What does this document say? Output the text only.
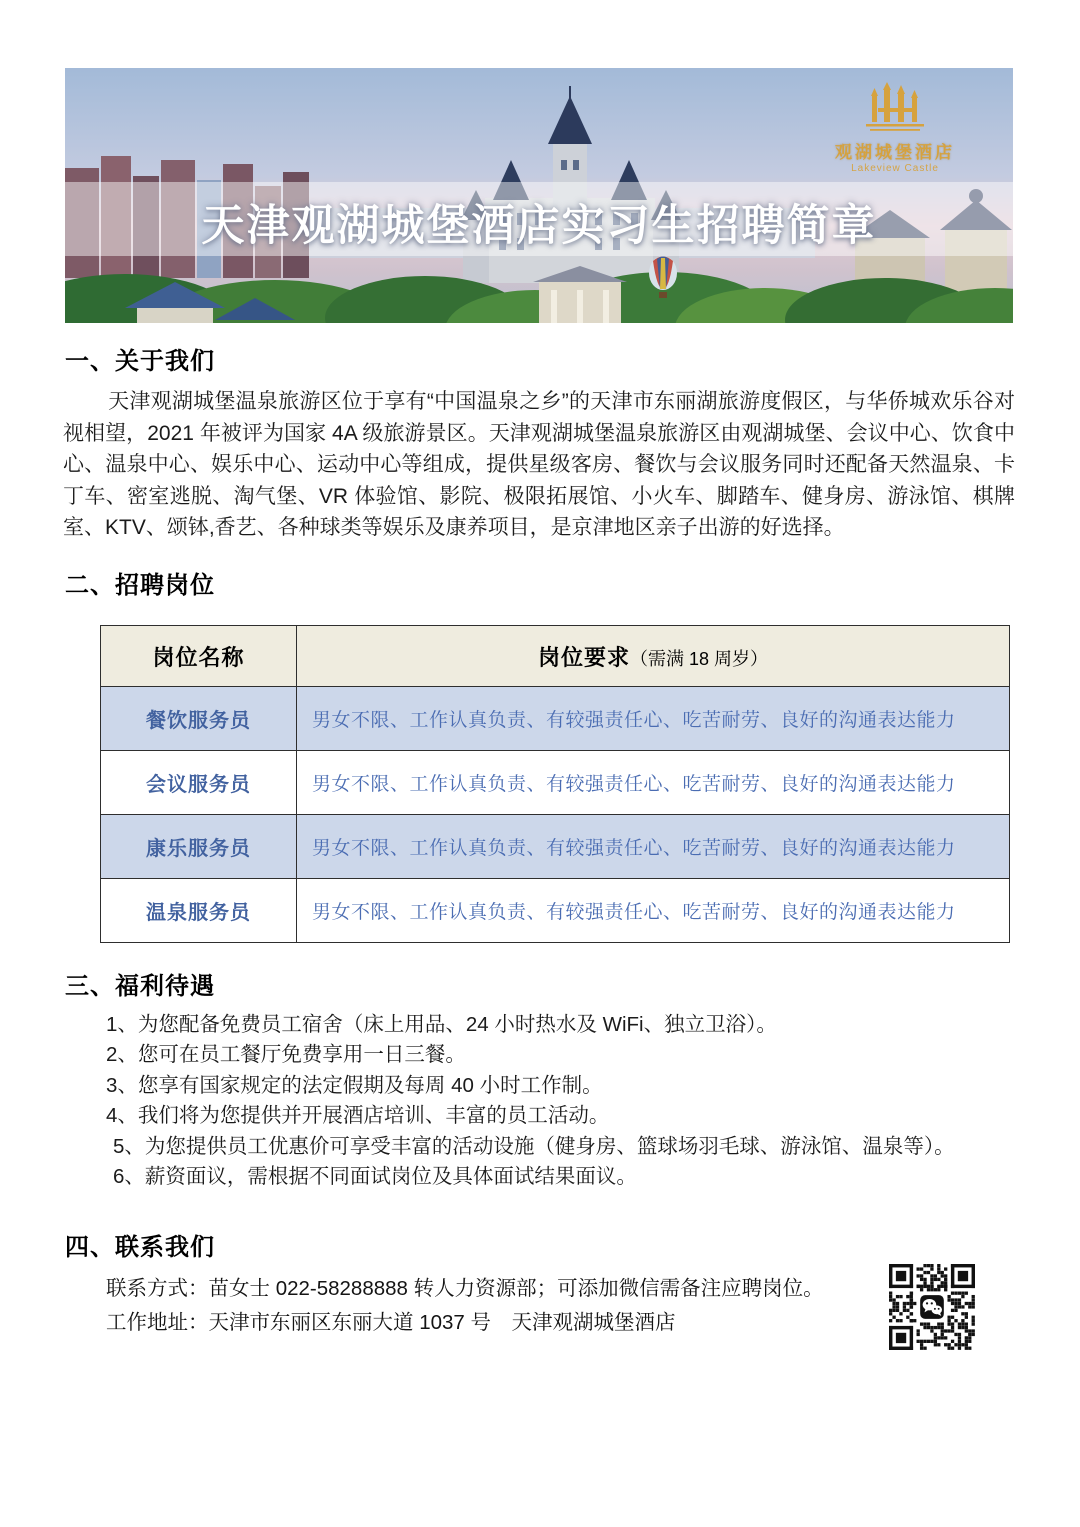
天津观湖城堡酒店实习生招聘简章
观湖城堡酒店
Lakeview Castle
一、关于我们

天津观湖城堡温泉旅游区位于享有“中国温泉之乡”的天津市东丽湖旅游度假区，与华侨城欢乐谷对视相望，2021 年被评为国家 4A 级旅游景区。天津观湖城堡温泉旅游区由观湖城堡、会议中心、饮食中心、温泉中心、娱乐中心、运动中心等组成，提供星级客房、餐饮与会议服务同时还配备天然温泉、卡丁车、密室逃脱、淘气堡、VR 体验馆、影院、极限拓展馆、小火车、脚踏车、健身房、游泳馆、棋牌室、KTV、颂钵,香艺、各种球类等娱乐及康养项目，是京津地区亲子出游的好选择。

二、招聘岗位
岗位名称	岗位要求（需满 18 周岁）
餐饮服务员	男女不限、工作认真负责、有较强责任心、吃苦耐劳、良好的沟通表达能力
会议服务员	男女不限、工作认真负责、有较强责任心、吃苦耐劳、良好的沟通表达能力
康乐服务员	男女不限、工作认真负责、有较强责任心、吃苦耐劳、良好的沟通表达能力
温泉服务员	男女不限、工作认真负责、有较强责任心、吃苦耐劳、良好的沟通表达能力
三、福利待遇
1、为您配备免费员工宿舍（床上用品、24 小时热水及 WiFi、独立卫浴）。
2、您可在员工餐厅免费享用一日三餐。
3、您享有国家规定的法定假期及每周 40 小时工作制。
4、我们将为您提供并开展酒店培训、丰富的员工活动。
5、为您提供员工优惠价可享受丰富的活动设施（健身房、篮球场羽毛球、游泳馆、温泉等）。
6、薪资面议，需根据不同面试岗位及具体面试结果面议。
四、联系我们
联系方式：苗女士 022-58288888 转人力资源部；可添加微信需备注应聘岗位。
工作地址：天津市东丽区东丽大道 1037 号　天津观湖城堡酒店
